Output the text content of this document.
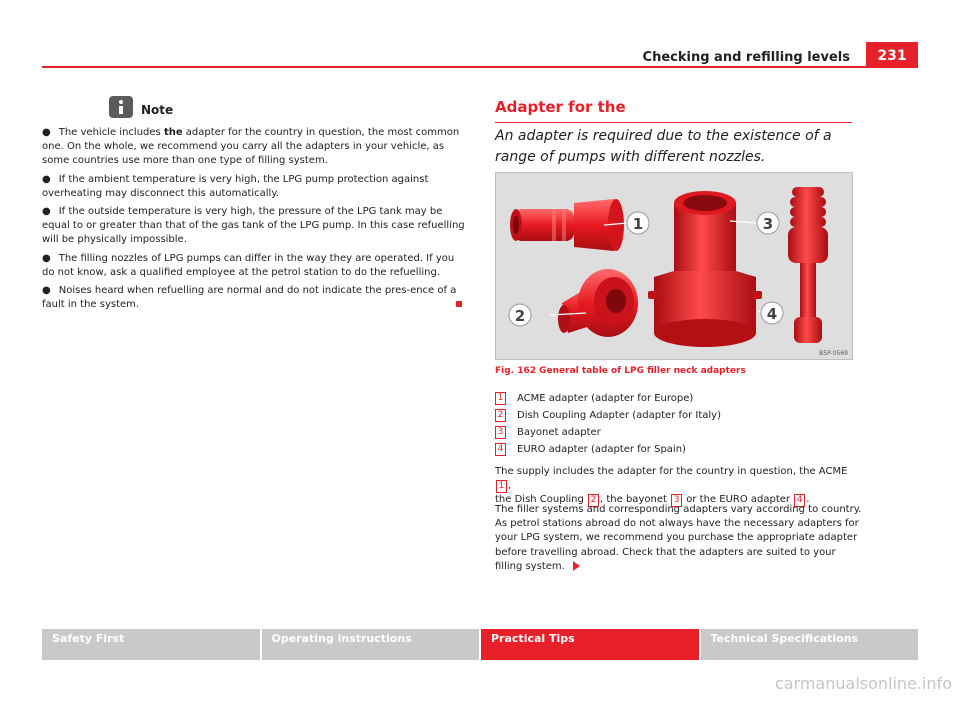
Checking and refilling levels	231
Note

● The vehicle includes the adapter for the country in question, the most common one. On the whole, we recommend you carry all the adapters in your vehicle, as some countries use more than one type of filling system.

● If the ambient temperature is very high, the LPG pump protection against overheating may disconnect this automatically.

● If the outside temperature is very high, the pressure of the LPG tank may be equal to or greater than that of the gas tank of the LPG pump. In this case refuelling will be physically impossible.

● The filling nozzles of LPG pumps can differ in the way they are operated. If you do not know, ask a qualified employee at the petrol station to do the refuelling.

● Noises heard when refuelling are normal and do not indicate the pres-ence of a fault in the system.

Adapter for the
An adapter is required due to the existence of a range of pumps with different nozzles.
1
2
3
4
B5P-0569
Fig. 162 General table of LPG filler neck adapters
1 ACME adapter (adapter for Europe)
2 Dish Coupling Adapter (adapter for Italy)
3 Bayonet adapter
4 EURO adapter (adapter for Spain)
The supply includes the adapter for the country in question, the ACME 1 ,
the Dish Coupling 2 , the bayonet 3 or the EURO adapter 4 .
The filler systems and corresponding adapters vary according to country. As petrol stations abroad do not always have the necessary adapters for your LPG system, we recommend you purchase the appropriate adapter before travelling abroad. Check that the adapters are suited to your filling system.
Safety First	Operating instructions	Practical Tips	Technical Specifications
carmanualsonline.info
